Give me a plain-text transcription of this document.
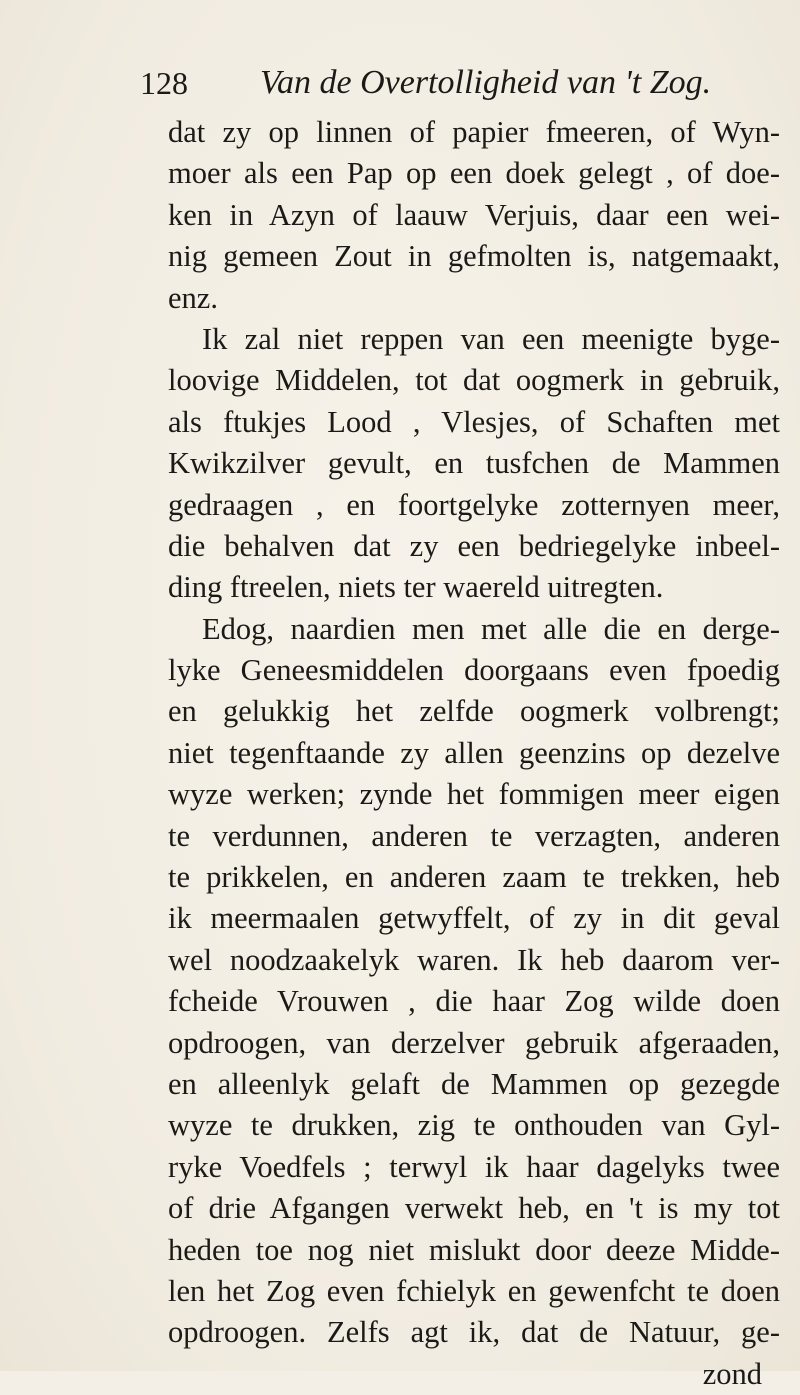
128 Van de Overtolligheid van 't Zog.
dat zy op linnen of papier fmeeren, of Wyn-
moer als een Pap op een doek gelegt , of doe-
ken in Azyn of laauw Verjuis, daar een wei-
nig gemeen Zout in gefmolten is, natgemaakt,
enz.
Ik zal niet reppen van een meenigte byge-
loovige Middelen, tot dat oogmerk in gebruik,
als ftukjes Lood , Vlesjes, of Schaften met
Kwikzilver gevult, en tusfchen de Mammen
gedraagen , en foortgelyke zotternyen meer,
die behalven dat zy een bedriegelyke inbeel-
ding ftreelen, niets ter waereld uitregten.
Edog, naardien men met alle die en derge-
lyke Geneesmiddelen doorgaans even fpoedig
en gelukkig het zelfde oogmerk volbrengt;
niet tegenftaande zy allen geenzins op dezelve
wyze werken; zynde het fommigen meer eigen
te verdunnen, anderen te verzagten, anderen
te prikkelen, en anderen zaam te trekken, heb
ik meermaalen getwyffelt, of zy in dit geval
wel noodzaakelyk waren. Ik heb daarom ver-
fcheide Vrouwen , die haar Zog wilde doen
opdroogen, van derzelver gebruik afgeraaden,
en alleenlyk gelaft de Mammen op gezegde
wyze te drukken, zig te onthouden van Gyl-
ryke Voedfels ; terwyl ik haar dagelyks twee
of drie Afgangen verwekt heb, en 't is my tot
heden toe nog niet mislukt door deeze Midde-
len het Zog even fchielyk en gewenfcht te doen
opdroogen. Zelfs agt ik, dat de Natuur, ge-
zond
